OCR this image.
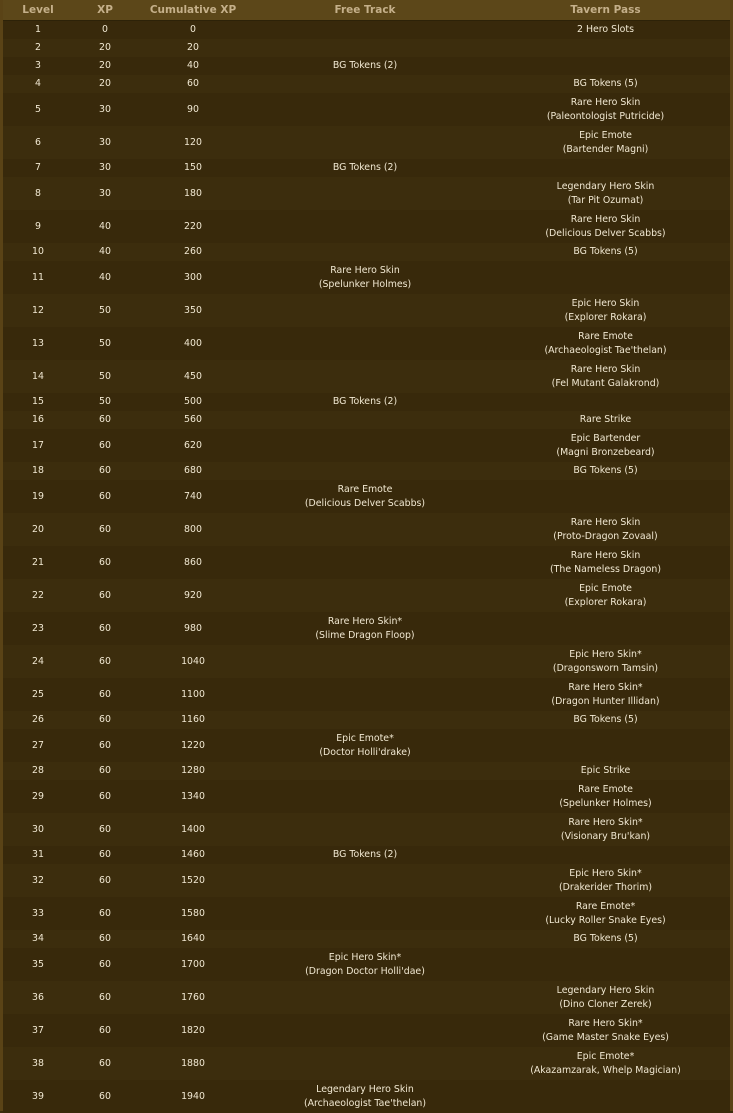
Level	XP	Cumulative XP	Free Track	Tavern Pass
1	0	0		2 Hero Slots

2	20	20		
3	20	40	BG Tokens (2)	

4	20	60		BG Tokens (5)

5	30	90		Rare Hero Skin
(Paleontologist Putricide)

6	30	120		Epic Emote
(Bartender Magni)

7	30	150	BG Tokens (2)	

8	30	180		Legendary Hero Skin
(Tar Pit Ozumat)

9	40	220		Rare Hero Skin
(Delicious Delver Scabbs)

10	40	260		BG Tokens (5)

11	40	300	Rare Hero Skin
(Spelunker Holmes)	

12	50	350		Epic Hero Skin
(Explorer Rokara)

13	50	400		Rare Emote
(Archaeologist Tae'thelan)

14	50	450		Rare Hero Skin
(Fel Mutant Galakrond)

15	50	500	BG Tokens (2)	

16	60	560		Rare Strike

17	60	620		Epic Bartender
(Magni Bronzebeard)

18	60	680		BG Tokens (5)

19	60	740	Rare Emote
(Delicious Delver Scabbs)	

20	60	800		Rare Hero Skin
(Proto-Dragon Zovaal)

21	60	860		Rare Hero Skin
(The Nameless Dragon)

22	60	920		Epic Emote
(Explorer Rokara)

23	60	980	Rare Hero Skin*
(Slime Dragon Floop)	

24	60	1040		Epic Hero Skin*
(Dragonsworn Tamsin)

25	60	1100		Rare Hero Skin*
(Dragon Hunter Illidan)

26	60	1160		BG Tokens (5)

27	60	1220	Epic Emote*
(Doctor Holli'drake)	

28	60	1280		Epic Strike

29	60	1340		Rare Emote
(Spelunker Holmes)

30	60	1400		Rare Hero Skin*
(Visionary Bru'kan)

31	60	1460	BG Tokens (2)	

32	60	1520		Epic Hero Skin*
(Drakerider Thorim)

33	60	1580		Rare Emote*
(Lucky Roller Snake Eyes)

34	60	1640		BG Tokens (5)

35	60	1700	Epic Hero Skin*
(Dragon Doctor Holli'dae)	

36	60	1760		Legendary Hero Skin
(Dino Cloner Zerek)

37	60	1820		Rare Hero Skin*
(Game Master Snake Eyes)

38	60	1880		Epic Emote*
(Akazamzarak, Whelp Magician)

39	60	1940	Legendary Hero Skin
(Archaeologist Tae'thelan)	
